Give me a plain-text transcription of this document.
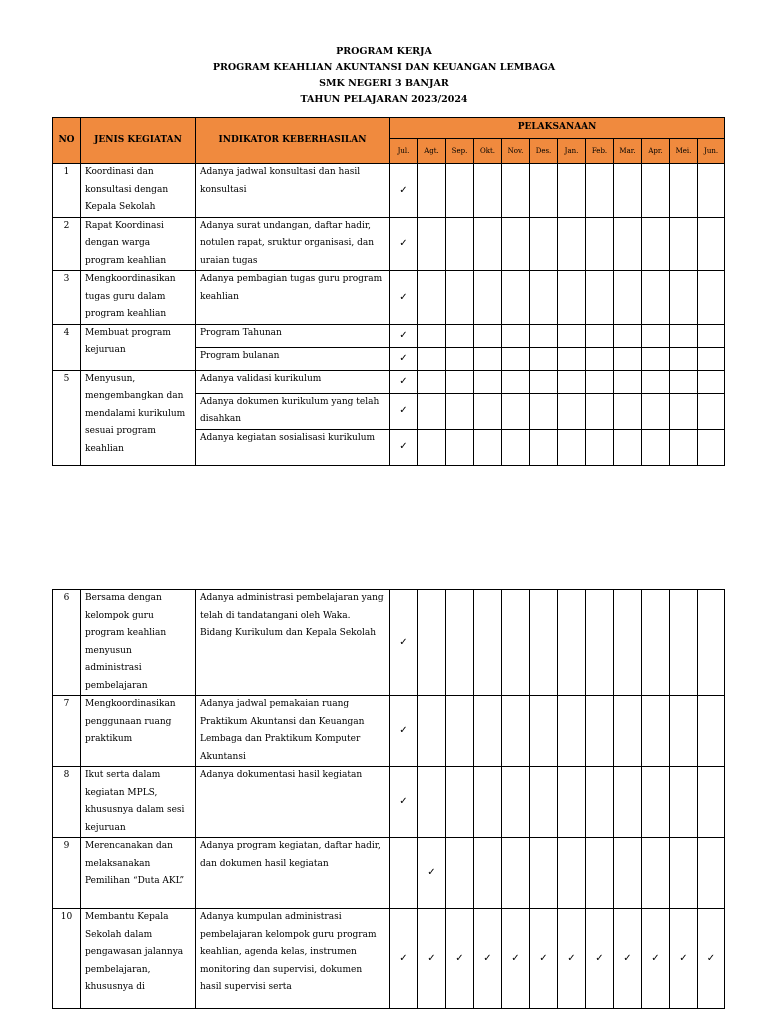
PROGRAM KERJA
PROGRAM KEAHLIAN AKUNTANSI DAN KEUANGAN LEMBAGA
SMK NEGERI 3 BANJAR
TAHUN PELAJARAN 2023/2024
NO	JENIS KEGIATAN	INDIKATOR KEBERHASILAN	PELAKSANAAN											
			Jul.	Agt.	Sep.	Okt.	Nov.	Des.	Jan.	Feb.	Mar.	Apr.	Mei.	Jun.
1	Koordinasi dan konsultasi dengan Kepala Sekolah	Adanya jadwal konsultasi dan hasil konsultasi	✓											
2	Rapat Koordinasi dengan warga program keahlian	Adanya surat undangan, daftar hadir, notulen rapat, sruktur organisasi, dan uraian tugas	✓											
3	Mengkoordinasikan tugas guru dalam program keahlian	Adanya pembagian tugas guru program keahlian	✓											
4	Membuat program kejuruan	Program Tahunan	✓											
		Program bulanan	✓											
5	Menyusun, mengembangkan dan mendalami kurikulum sesuai program keahlian	Adanya validasi kurikulum	✓											
		Adanya dokumen kurikulum yang telah disahkan	✓											
		Adanya kegiatan sosialisasi kurikulum	✓											
6	Bersama dengan kelompok guru program keahlian menyusun administrasi pembelajaran	Adanya administrasi pembelajaran yang telah di tandatangani oleh Waka. Bidang Kurikulum dan Kepala Sekolah	✓											
7	Mengkoordinasikan penggunaan ruang praktikum	Adanya jadwal pemakaian ruang Praktikum Akuntansi dan Keuangan Lembaga dan Praktikum Komputer Akuntansi	✓											
8	Ikut serta dalam kegiatan MPLS, khususnya dalam sesi kejuruan	Adanya dokumentasi hasil kegiatan	✓											
9	Merencanakan dan melaksanakan Pemilihan “Duta AKL”	Adanya program kegiatan, daftar hadir, dan dokumen hasil kegiatan		✓										
10	Membantu Kepala Sekolah dalam pengawasan jalannya pembelajaran, khususnya di	Adanya kumpulan administrasi pembelajaran kelompok guru program keahlian, agenda kelas, instrumen monitoring dan supervisi, dokumen hasil supervisi serta	✓	✓	✓	✓	✓	✓	✓	✓	✓	✓	✓	✓
